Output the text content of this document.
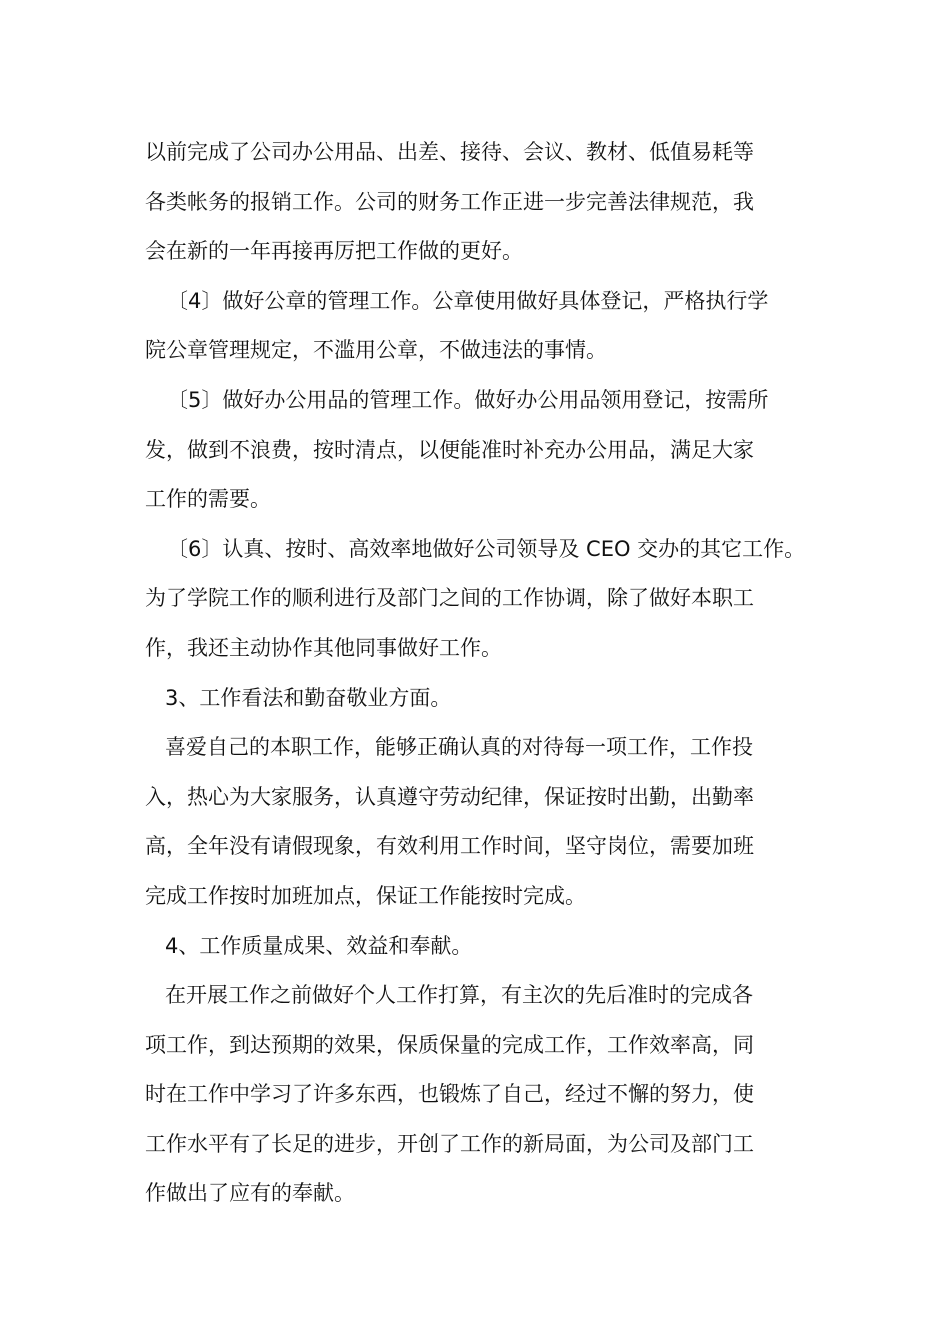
以前完成了公司办公用品、出差、接待、会议、教材、低值易耗等
各类帐务的报销工作。公司的财务工作正进一步完善法律规范，我
会在新的一年再接再厉把工作做的更好。
〔4〕做好公章的管理工作。公章使用做好具体登记，严格执行学
院公章管理规定，不滥用公章，不做违法的事情。
〔5〕做好办公用品的管理工作。做好办公用品领用登记，按需所
发，做到不浪费，按时清点，以便能准时补充办公用品，满足大家
工作的需要。
〔6〕认真、按时、高效率地做好公司领导及 CEO 交办的其它工作。
为了学院工作的顺利进行及部门之间的工作协调，除了做好本职工
作，我还主动协作其他同事做好工作。
3、工作看法和勤奋敬业方面。
喜爱自己的本职工作，能够正确认真的对待每一项工作，工作投
入，热心为大家服务，认真遵守劳动纪律，保证按时出勤，出勤率
高，全年没有请假现象，有效利用工作时间，坚守岗位，需要加班
完成工作按时加班加点，保证工作能按时完成。
4、工作质量成果、效益和奉献。
在开展工作之前做好个人工作打算，有主次的先后准时的完成各
项工作，到达预期的效果，保质保量的完成工作，工作效率高，同
时在工作中学习了许多东西，也锻炼了自己，经过不懈的努力，使
工作水平有了长足的进步，开创了工作的新局面，为公司及部门工
作做出了应有的奉献。
